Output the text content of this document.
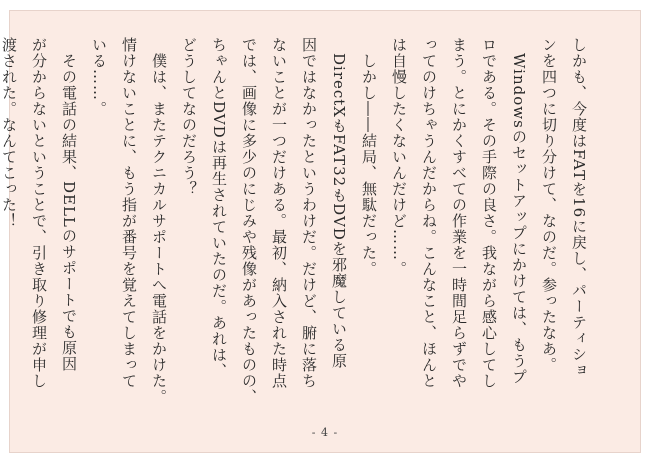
しかも、今度はFATを16に戻し、パーティショ
ンを四つに切り分けて、なのだ。参ったなあ。
　Windowsのセットアップにかけては、もうプ
ロである。その手際の良さ。我ながら感心してし
まう。とにかくすべての作業を一時間足らずでや
ってのけちゃうんだからね。こんなこと、ほんと
は自慢したくないんだけど……。
　しかし――結局、無駄だった。
　DirectXもFAT32もDVDを邪魔している原
因ではなかったというわけだ。だけど、腑に落ち
ないことが一つだけある。最初、納入された時点
では、画像に多少のにじみや残像があったものの、
ちゃんとDVDは再生されていたのだ。あれは、
どうしてなのだろう？
　僕は、またテクニカルサポートへ電話をかけた。
情けないことに、もう指が番号を覚えてしまって
いる……。
　その電話の結果、DELLのサポートでも原因
が分からないということで、引き取り修理が申し
渡された。なんてこった！
- 4 -
